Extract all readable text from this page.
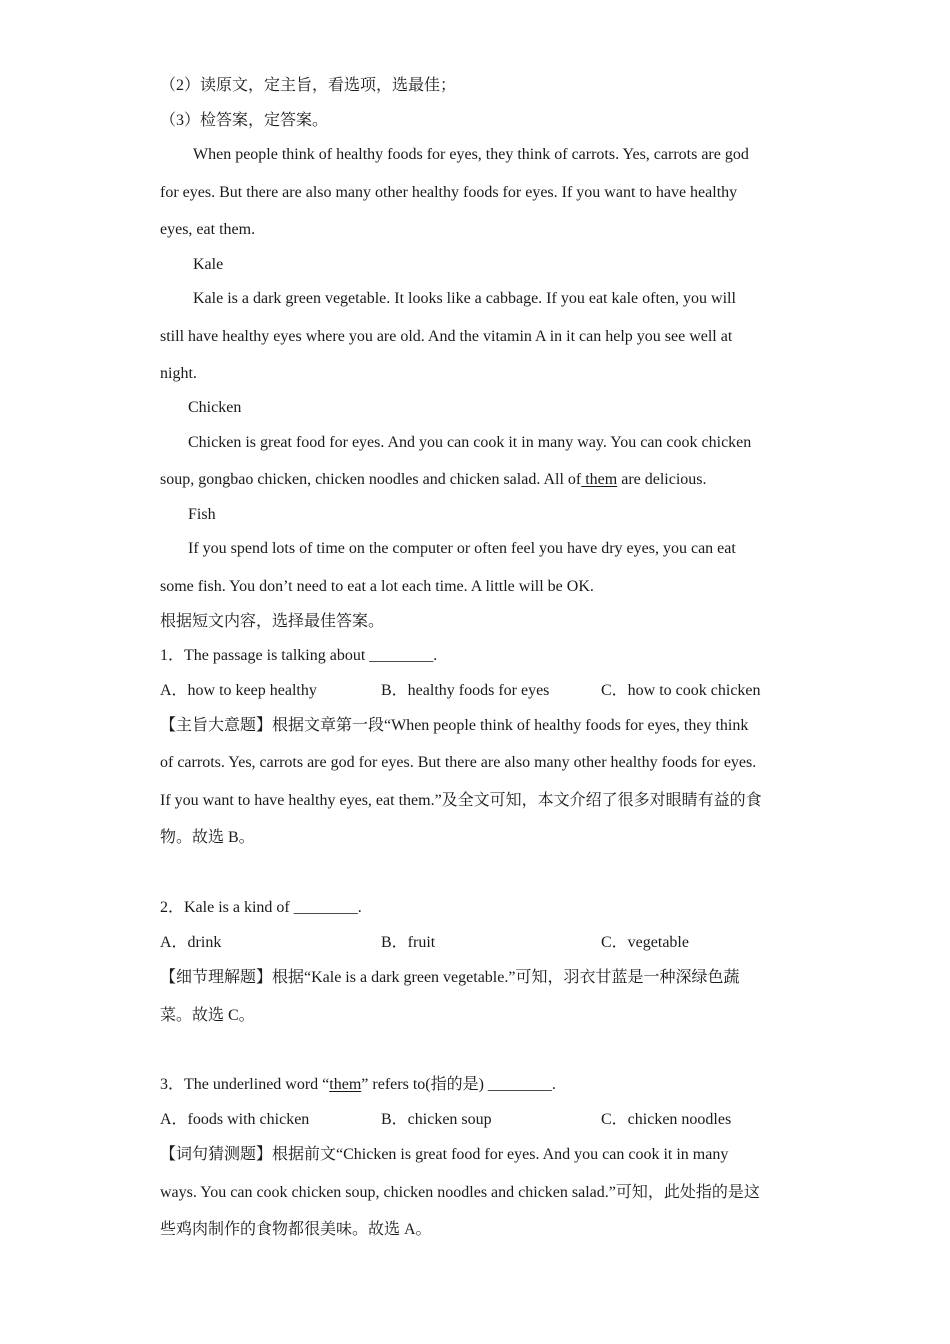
（2）读原文，定主旨，看选项，选最佳；
（3）检答案，定答案。
When people think of healthy foods for eyes, they think of carrots. Yes, carrots are god
for eyes. But there are also many other healthy foods for eyes. If you want to have healthy
eyes, eat them.
Kale
Kale is a dark green vegetable. It looks like a cabbage. If you eat kale often, you will
still have healthy eyes where you are old. And the vitamin A in it can help you see well at
night.
Chicken
Chicken is great food for eyes. And you can cook it in many way. You can cook chicken
soup, gongbao chicken, chicken noodles and chicken salad. All of them are delicious.
Fish
If you spend lots of time on the computer or often feel you have dry eyes, you can eat
some fish. You don’t need to eat a lot each time. A little will be OK.
根据短文内容，选择最佳答案。
1．The passage is talking about ________.
A．how to keep healthy	B．healthy foods for eyes	C．how to cook chicken
【主旨大意题】根据文章第一段“When people think of healthy foods for eyes, they think
of carrots. Yes, carrots are god for eyes. But there are also many other healthy foods for eyes.
If you want to have healthy eyes, eat them.”及全文可知，本文介绍了很多对眼睛有益的食
物。故选 B。
2．Kale is a kind of ________.
A．drink	B．fruit	C．vegetable
【细节理解题】根据“Kale is a dark green vegetable.”可知，羽衣甘蓝是一种深绿色蔬
菜。故选 C。
3．The underlined word “them” refers to(指的是) ________.
A．foods with chicken	B．chicken soup	C．chicken noodles
【词句猜测题】根据前文“Chicken is great food for eyes. And you can cook it in many
ways. You can cook chicken soup, chicken noodles and chicken salad.”可知，此处指的是这
些鸡肉制作的食物都很美味。故选 A。
